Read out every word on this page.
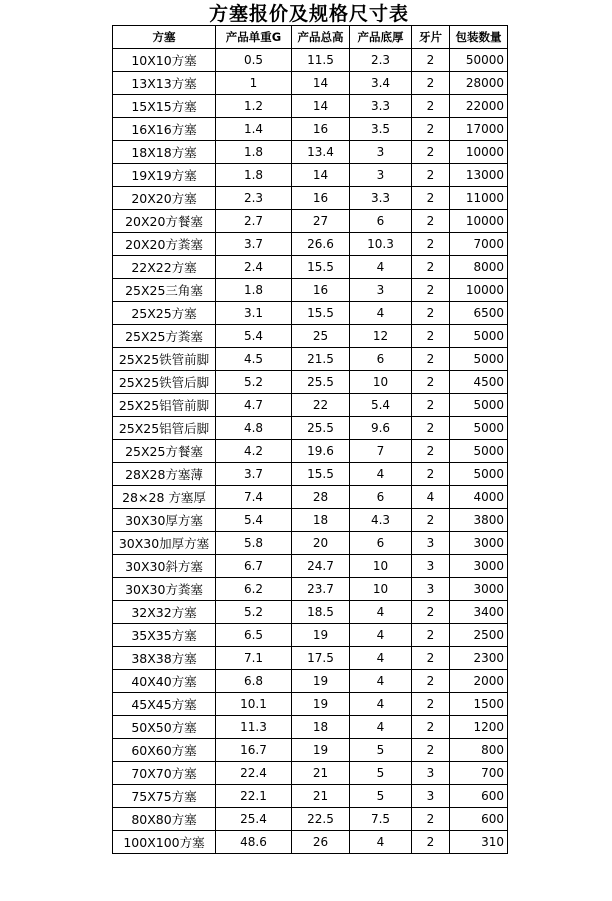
方塞报价及规格尺寸表
方塞	产品单重G	产品总高	产品底厚	牙片	包装数量
10X10方塞	0.5	11.5	2.3	2	50000
13X13方塞	1	14	3.4	2	28000
15X15方塞	1.2	14	3.3	2	22000
16X16方塞	1.4	16	3.5	2	17000
18X18方塞	1.8	13.4	3	2	10000
19X19方塞	1.8	14	3	2	13000
20X20方塞	2.3	16	3.3	2	11000
20X20方餐塞	2.7	27	6	2	10000
20X20方粪塞	3.7	26.6	10.3	2	7000
22X22方塞	2.4	15.5	4	2	8000
25X25三角塞	1.8	16	3	2	10000
25X25方塞	3.1	15.5	4	2	6500
25X25方粪塞	5.4	25	12	2	5000
25X25铁管前脚	4.5	21.5	6	2	5000
25X25铁管后脚	5.2	25.5	10	2	4500
25X25铝管前脚	4.7	22	5.4	2	5000
25X25铝管后脚	4.8	25.5	9.6	2	5000
25X25方餐塞	4.2	19.6	7	2	5000
28X28方塞薄	3.7	15.5	4	2	5000
28×28 方塞厚	7.4	28	6	4	4000
30X30厚方塞	5.4	18	4.3	2	3800
30X30加厚方塞	5.8	20	6	3	3000
30X30斜方塞	6.7	24.7	10	3	3000
30X30方粪塞	6.2	23.7	10	3	3000
32X32方塞	5.2	18.5	4	2	3400
35X35方塞	6.5	19	4	2	2500
38X38方塞	7.1	17.5	4	2	2300
40X40方塞	6.8	19	4	2	2000
45X45方塞	10.1	19	4	2	1500
50X50方塞	11.3	18	4	2	1200
60X60方塞	16.7	19	5	2	800
70X70方塞	22.4	21	5	3	700
75X75方塞	22.1	21	5	3	600
80X80方塞	25.4	22.5	7.5	2	600
100X100方塞	48.6	26	4	2	310
